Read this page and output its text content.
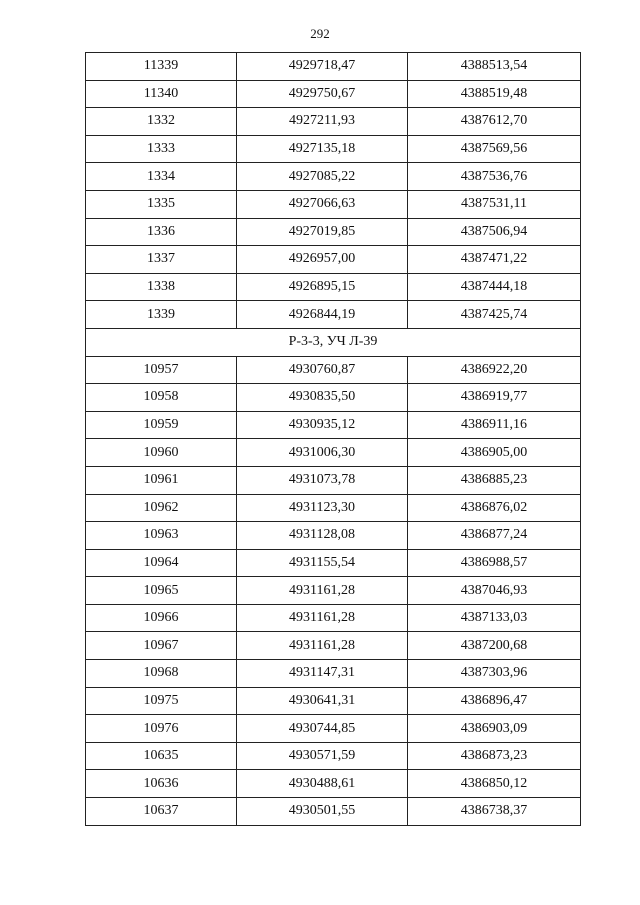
292
11339	4929718,47	4388513,54
11340	4929750,67	4388519,48
1332	4927211,93	4387612,70
1333	4927135,18	4387569,56
1334	4927085,22	4387536,76
1335	4927066,63	4387531,11
1336	4927019,85	4387506,94
1337	4926957,00	4387471,22
1338	4926895,15	4387444,18
1339	4926844,19	4387425,74
Р-3-3, УЧ Л-39		
10957	4930760,87	4386922,20
10958	4930835,50	4386919,77
10959	4930935,12	4386911,16
10960	4931006,30	4386905,00
10961	4931073,78	4386885,23
10962	4931123,30	4386876,02
10963	4931128,08	4386877,24
10964	4931155,54	4386988,57
10965	4931161,28	4387046,93
10966	4931161,28	4387133,03
10967	4931161,28	4387200,68
10968	4931147,31	4387303,96
10975	4930641,31	4386896,47
10976	4930744,85	4386903,09
10635	4930571,59	4386873,23
10636	4930488,61	4386850,12
10637	4930501,55	4386738,37
